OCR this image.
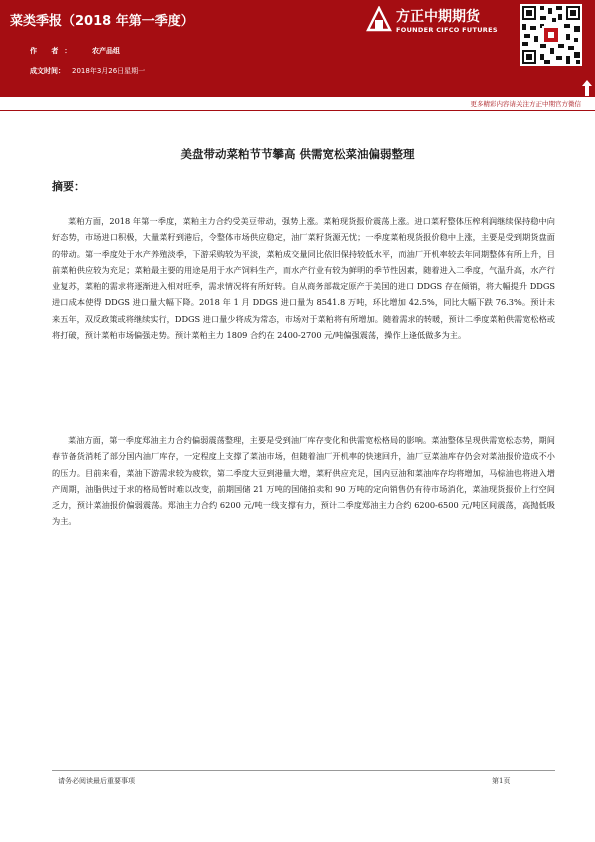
菜类季报（2018 年第一季度）
作 者： 农产品组
成文时间： 2018年3月26日星期一
方正中期期货
FOUNDER CIFCO FUTURES
更多精彩内容请关注方正中期官方微信
美盘带动菜粕节节攀高 供需宽松菜油偏弱整理
摘要：

菜粕方面，2018 年第一季度，菜粕主力合约受美豆带动，强势上涨。菜粕现货报价震荡上涨。进口菜籽整体压榨利润继续保持稳中向好态势，市场进口积极，大量菜籽到港后，令整体市场供应稳定，油厂菜籽货源无忧；一季度菜粕现货报价稳中上涨，主要是受到期货盘面的带动。第一季度处于水产养殖淡季，下游采购较为平淡，菜粕成交量同比依旧保持较低水平，而油厂开机率较去年同期整体有所上升，目前菜粕供应较为充足；菜粕最主要的用途是用于水产饲料生产，而水产行业有较为鲜明的季节性因素，随着进入二季度，气温升高，水产行业复苏，菜粕的需求将逐渐进入相对旺季，需求情况将有所好转。自从商务部裁定原产于美国的进口 DDGS 存在倾销，将大幅提升 DDGS 进口成本使得 DDGS 进口量大幅下降。2018 年 1 月 DDGS 进口量为 8541.8 万吨，环比增加 42.5%，同比大幅下跌 76.3%。预计未来五年，双反政策或将继续实行，DDGS 进口量少将成为常态，市场对于菜粕将有所增加。随着需求的转暖，预计二季度菜粕供需宽松格或将打破，预计菜粕市场偏强走势。预计菜粕主力 1809 合约在 2400-2700 元/吨偏强震荡，操作上逢低做多为主。

菜油方面，第一季度郑油主力合约偏弱震荡整理，主要是受到油厂库存变化和供需宽松格局的影响。菜油整体呈现供需宽松态势，期间春节备货消耗了部分国内油厂库存，一定程度上支撑了菜油市场，但随着油厂开机率的快速回升，油厂豆菜油库存仍会对菜油报价造成不小的压力。目前来看，菜油下游需求较为疲软，第二季度大豆到港量大增，菜籽供应充足，国内豆油和菜油库存均将增加，马棕油也将进入增产周期，油脂供过于求的格局暂时难以改变，前期国储 21 万吨的国储拍卖和 90 万吨的定向销售仍有待市场消化，菜油现货报价上行空间乏力，预计菜油报价偏弱震荡。郑油主力合约 6200 元/吨一线支撑有力，预计二季度郑油主力合约 6200-6500 元/吨区间震荡，高抛低吸为主。

请务必阅读最后重要事项	第1页
